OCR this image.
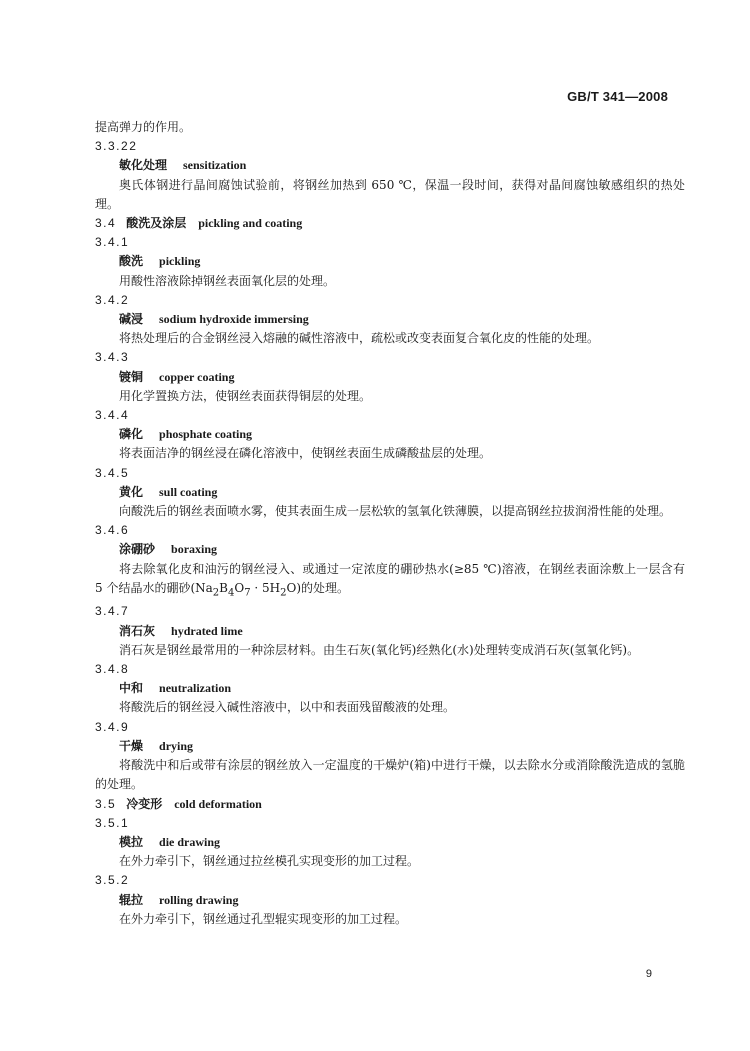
GB/T 341—2008
提高弹力的作用。
3.3.22
敏化处理 sensitization
奥氏体钢进行晶间腐蚀试验前，将钢丝加热到 650 ℃，保温一段时间，获得对晶间腐蚀敏感组织的热处理。
3.4 酸洗及涂层 pickling and coating
3.4.1
酸洗 pickling
用酸性溶液除掉钢丝表面氧化层的处理。
3.4.2
碱浸 sodium hydroxide immersing
将热处理后的合金钢丝浸入熔融的碱性溶液中，疏松或改变表面复合氧化皮的性能的处理。
3.4.3
镀铜 copper coating
用化学置换方法，使钢丝表面获得铜层的处理。
3.4.4
磷化 phosphate coating
将表面洁净的钢丝浸在磷化溶液中，使钢丝表面生成磷酸盐层的处理。
3.4.5
黄化 sull coating
向酸洗后的钢丝表面喷水雾，使其表面生成一层松软的氢氧化铁薄膜，以提高钢丝拉拔润滑性能的处理。
3.4.6
涂硼砂 boraxing
将去除氧化皮和油污的钢丝浸入、或通过一定浓度的硼砂热水(≥85 ℃)溶液，在钢丝表面涂敷上一层含有 5 个结晶水的硼砂$(Na_2B_4O_7 \cdot 5H_2O)$的处理。
3.4.7
消石灰 hydrated lime
消石灰是钢丝最常用的一种涂层材料。由生石灰(氧化钙)经熟化(水)处理转变成消石灰(氢氧化钙)。
3.4.8
中和 neutralization
将酸洗后的钢丝浸入碱性溶液中，以中和表面残留酸液的处理。
3.4.9
干燥 drying
将酸洗中和后或带有涂层的钢丝放入一定温度的干燥炉(箱)中进行干燥，以去除水分或消除酸洗造成的氢脆的处理。
3.5 冷变形 cold deformation
3.5.1
模拉 die drawing
在外力牵引下，钢丝通过拉丝模孔实现变形的加工过程。
3.5.2
辊拉 rolling drawing
在外力牵引下，钢丝通过孔型辊实现变形的加工过程。
9
